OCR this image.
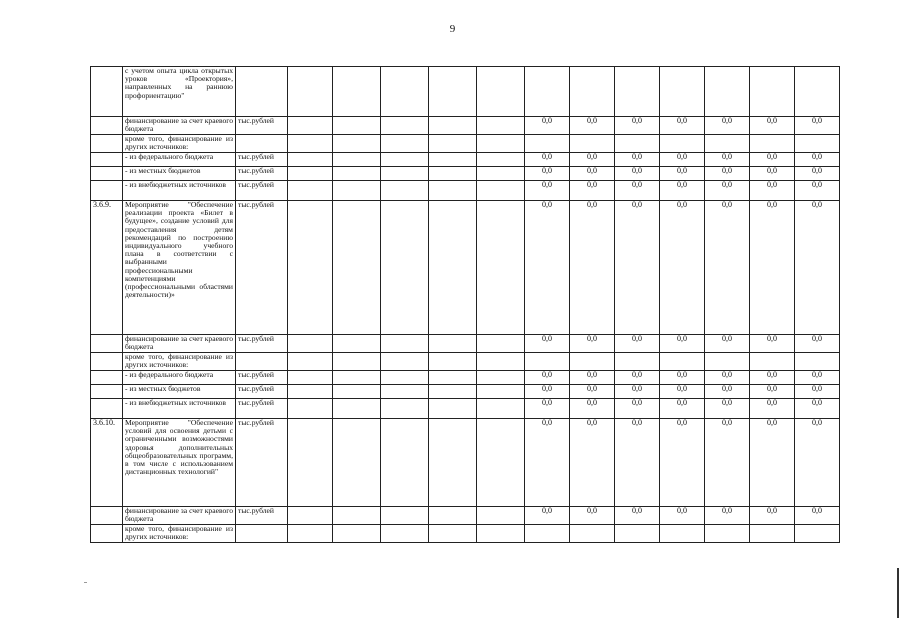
9
	с учетом опыта цикла открытых уроков «Проектория», направленных на раннюю профориентацию"													
	финансирование за счет краевого бюджета	тыс.рублей						0,0	0,0	0,0	0,0	0,0	0,0	0,0
	кроме того, финансирование из других источников:													
	- из федерального бюджета	тыс.рублей						0,0	0,0	0,0	0,0	0,0	0,0	0,0
	- из местных бюджетов	тыс.рублей						0,0	0,0	0,0	0,0	0,0	0,0	0,0
	- из внебюджетных источников	тыс.рублей						0,0	0,0	0,0	0,0	0,0	0,0	0,0
3.6.9.	Мероприятие "Обеспечение реализации проекта «Билет в будущее», создание условий для предоставления детям рекомендаций по построению индивидуального учебного плана в соответствии с выбранными профессиональными компетенциями (профессиональными областями деятельности)»	тыс.рублей						0,0	0,0	0,0	0,0	0,0	0,0	0,0
	финансирование за счет краевого бюджета	тыс.рублей						0,0	0,0	0,0	0,0	0,0	0,0	0,0
	кроме того, финансирование из других источников:													
	- из федерального бюджета	тыс.рублей						0,0	0,0	0,0	0,0	0,0	0,0	0,0
	- из местных бюджетов	тыс.рублей						0,0	0,0	0,0	0,0	0,0	0,0	0,0
	- из внебюджетных источников	тыс.рублей						0,0	0,0	0,0	0,0	0,0	0,0	0,0
3.6.10.	Мероприятие "Обеспечение условий для освоения детьми с ограниченными возможностями здоровья дополнительных общеобразовательных программ, в том числе с использованием дистанционных технологий"	тыс.рублей						0,0	0,0	0,0	0,0	0,0	0,0	0,0
	финансирование за счет краевого бюджета	тыс.рублей						0,0	0,0	0,0	0,0	0,0	0,0	0,0
	кроме того, финансирование из других источников:													
